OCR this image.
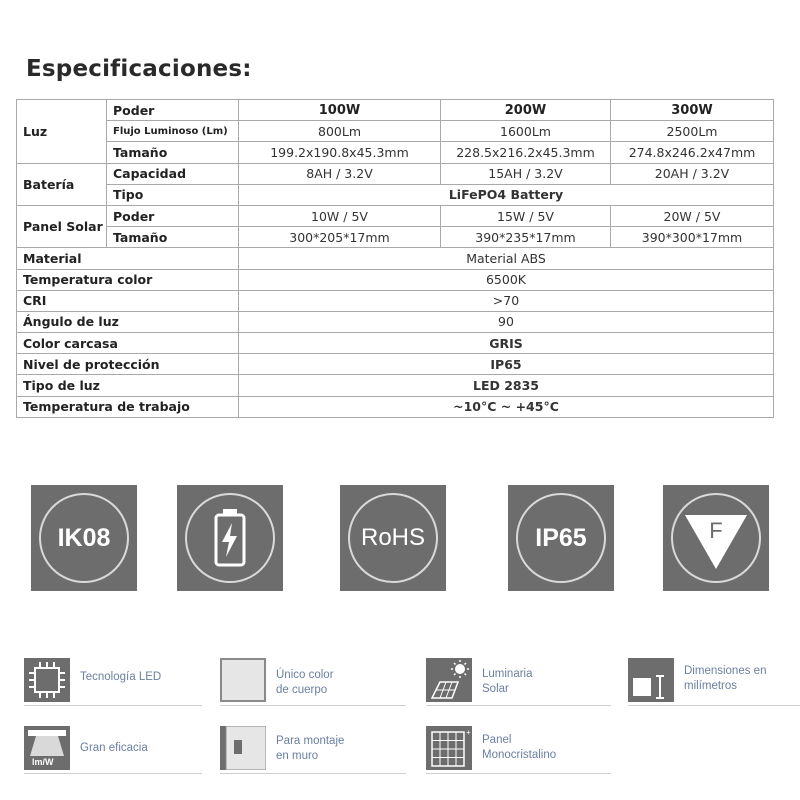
Especificaciones:
Luz	Poder	100W	200W	300W
	Flujo Luminoso (Lm)	800Lm	1600Lm	2500Lm
	Tamaño	199.2x190.8x45.3mm	228.5x216.2x45.3mm	274.8x246.2x47mm
Batería	Capacidad	8AH / 3.2V	15AH / 3.2V	20AH / 3.2V
	Tipo	LiFePO4 Battery		
Panel Solar	Poder	10W / 5V	15W / 5V	20W / 5V
	Tamaño	300*205*17mm	390*235*17mm	390*300*17mm
Material		Material ABS		
Temperatura color		6500K		
CRI		>70		
Ángulo de luz		90		
Color carcasa		GRIS		
Nivel de protección		IP65		
Tipo de luz		LED 2835		
Temperatura de trabajo		~10°C ~ +45°C		
IK08	RoHS	IP65	F
Tecnología LED	Único color
de cuerpo
Luminaria
Solar
Dimensiones en
milímetros
lm/W
Gran eficacia
Para montaje
en muro
+
Panel
Monocristalino
